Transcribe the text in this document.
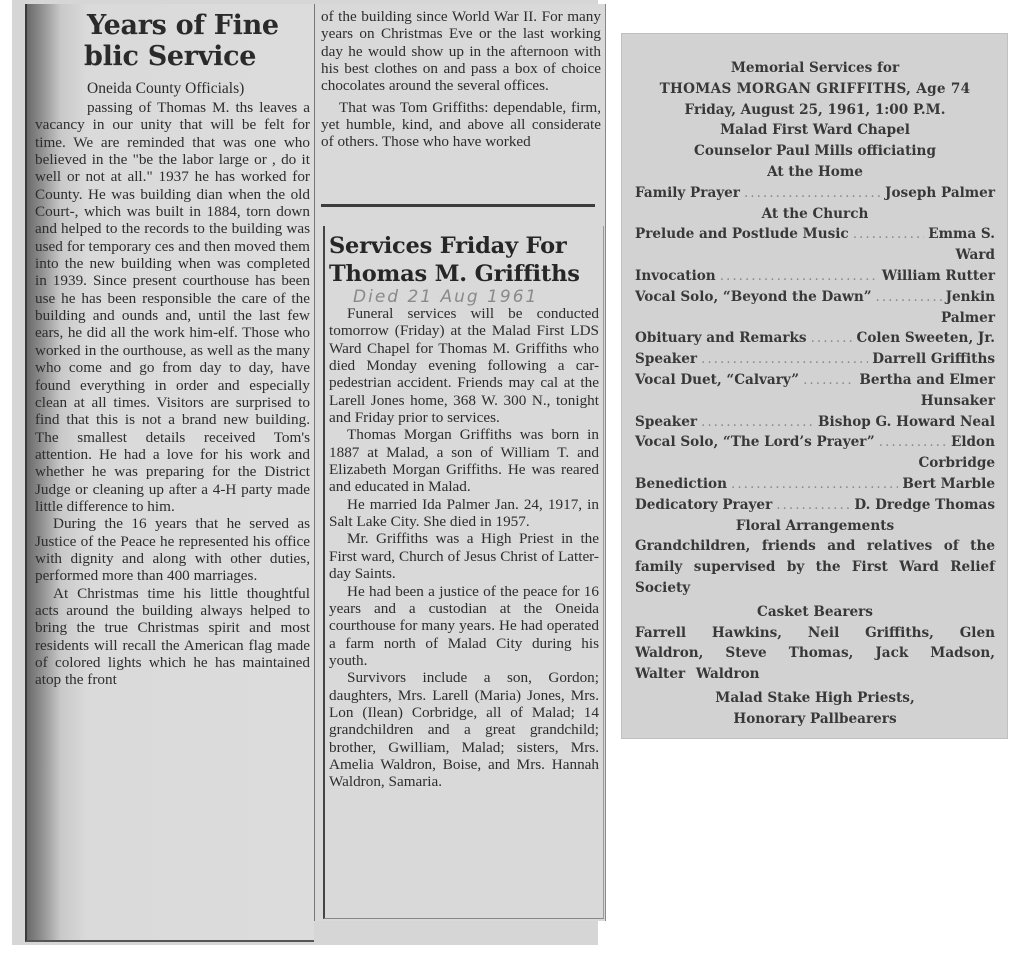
Years of Fine
blic Service
Oneida County Officials)

passing of Thomas M. ths leaves a vacancy in our unity that will be felt for time. We are reminded that was one who believed in the "be the labor large or , do it well or not at all." 1937 he has worked for County. He was building dian when the old Court-, which was built in 1884, torn down and helped to the records to the building was used for temporary ces and then moved them into the new building when was completed in 1939. Since present courthouse has been use he has been responsible the care of the building and ounds and, until the last few ears, he did all the work him-elf. Those who worked in the ourthouse, as well as the many who come and go from day to day, have found everything in order and especially clean at all times. Visitors are surprised to find that this is not a brand new building. The smallest details received Tom's attention. He had a love for his work and whether he was preparing for the District Judge or cleaning up after a 4-H party made little difference to him.

During the 16 years that he served as Justice of the Peace he represented his office with dignity and along with other duties, performed more than 400 marriages.

At Christmas time his little thoughtful acts around the building always helped to bring the true Christmas spirit and most residents will recall the American flag made of colored lights which he has maintained atop the front

of the building since World War II. For many years on Christmas Eve or the last working day he would show up in the afternoon with his best clothes on and pass a box of choice chocolates around the several offices.

That was Tom Griffiths: dependable, firm, yet humble, kind, and above all considerate of others. Those who have worked

Services Friday For
Thomas M. Griffiths
Died 21 Aug 1961

Funeral services will be conducted tomorrow (Friday) at the Malad First LDS Ward Chapel for Thomas M. Griffiths who died Monday evening following a car-pedestrian accident. Friends may cal at the Larell Jones home, 368 W. 300 N., tonight and Friday prior to services.

Thomas Morgan Griffiths was born in 1887 at Malad, a son of William T. and Elizabeth Morgan Griffiths. He was reared and educated in Malad.

He married Ida Palmer Jan. 24, 1917, in Salt Lake City. She died in 1957.

Mr. Griffiths was a High Priest in the First ward, Church of Jesus Christ of Latter-day Saints.

He had been a justice of the peace for 16 years and a custodian at the Oneida courthouse for many years. He had operated a farm north of Malad City during his youth.

Survivors include a son, Gordon; daughters, Mrs. Larell (Maria) Jones, Mrs. Lon (Ilean) Corbridge, all of Malad; 14 grandchildren and a great grandchild; brother, Gwilliam, Malad; sisters, Mrs. Amelia Waldron, Boise, and Mrs. Hannah Waldron, Samaria.

Memorial Services for
THOMAS MORGAN GRIFFITHS, Age 74
Friday, August 25, 1961, 1:00 P.M.
Malad First Ward Chapel
Counselor Paul Mills officiating
At the Home
Family Prayer .....	Joseph Palmer
At the Church
Prelude and Postlude Music .....	Emma S.
Ward
Invocation .....	William Rutter
Vocal Solo, “Beyond the Dawn” .....	Jenkin
Palmer
Obituary and Remarks .....	Colen Sweeten, Jr.
Speaker .....	Darrell Griffiths
Vocal Duet, “Calvary” .....	Bertha and Elmer
Hunsaker
Speaker .....	Bishop G. Howard Neal
Vocal Solo, “The Lord’s Prayer” .....	Eldon
Corbridge
Benediction .....	Bert Marble
Dedicatory Prayer .....	D. Dredge Thomas
Floral Arrangements
Grandchildren, friends and relatives of the family supervised by the First Ward Relief Society
Casket Bearers
Farrell Hawkins, Neil Griffiths, Glen Waldron, Steve Thomas, Jack Madson, Walter Waldron
Malad Stake High Priests,
Honorary Pallbearers
